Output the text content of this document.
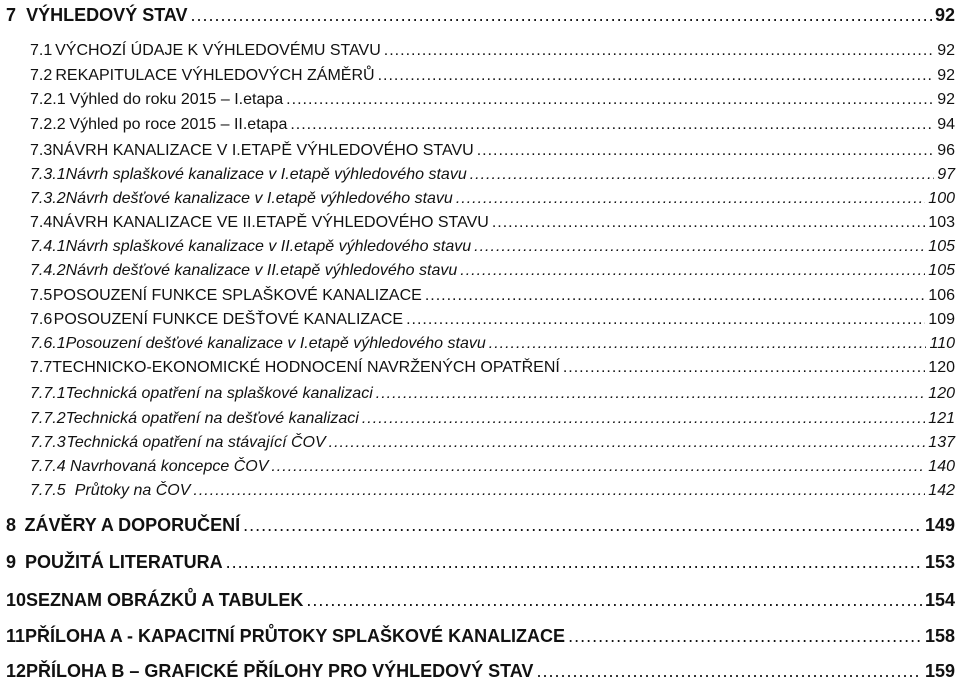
7 VÝHLEDOVÝ STAV .....	92
7.1 VÝCHOZÍ ÚDAJE K VÝHLEDOVÉMU STAVU .....	92
7.2 REKAPITULACE VÝHLEDOVÝCH ZÁMĚRŮ .....	92
7.2.1 Výhled do roku 2015 – I.etapa .....	92
7.2.2 Výhled po roce 2015 – II.etapa .....	94
7.3 NÁVRH KANALIZACE V I.ETAPĚ VÝHLEDOVÉHO STAVU .....	96
7.3.1 Návrh splaškové kanalizace v I.etapě výhledového stavu .....	97
7.3.2 Návrh dešťové kanalizace v I.etapě výhledového stavu .....	100
7.4 NÁVRH KANALIZACE VE II.ETAPĚ VÝHLEDOVÉHO STAVU .....	103
7.4.1 Návrh splaškové kanalizace v II.etapě výhledového stavu .....	105
7.4.2 Návrh dešťové kanalizace v II.etapě výhledového stavu .....	105
7.5 POSOUZENÍ FUNKCE SPLAŠKOVÉ KANALIZACE .....	106
7.6 POSOUZENÍ FUNKCE DEŠŤOVÉ KANALIZACE .....	109
7.6.1 Posouzení dešťové kanalizace v I.etapě výhledového stavu .....	110
7.7 TECHNICKO-EKONOMICKÉ HODNOCENÍ NAVRŽENÝCH OPATŘENÍ .....	120
7.7.1 Technická opatření na splaškové kanalizaci .....	120
7.7.2 Technická opatření na dešťové kanalizaci .....	121
7.7.3 Technická opatření na stávající ČOV .....	137
7.7.4 Navrhovaná koncepce ČOV .....	140
7.7.5 Průtoky na ČOV .....	142
8 ZÁVĚRY A DOPORUČENÍ .....	149
9 POUŽITÁ LITERATURA .....	153
10 SEZNAM OBRÁZKŮ A TABULEK .....	154
11 PŘÍLOHA A - KAPACITNÍ PRŮTOKY SPLAŠKOVÉ KANALIZACE .....	158
12 PŘÍLOHA B – GRAFICKÉ PŘÍLOHY PRO VÝHLEDOVÝ STAV .....	159
